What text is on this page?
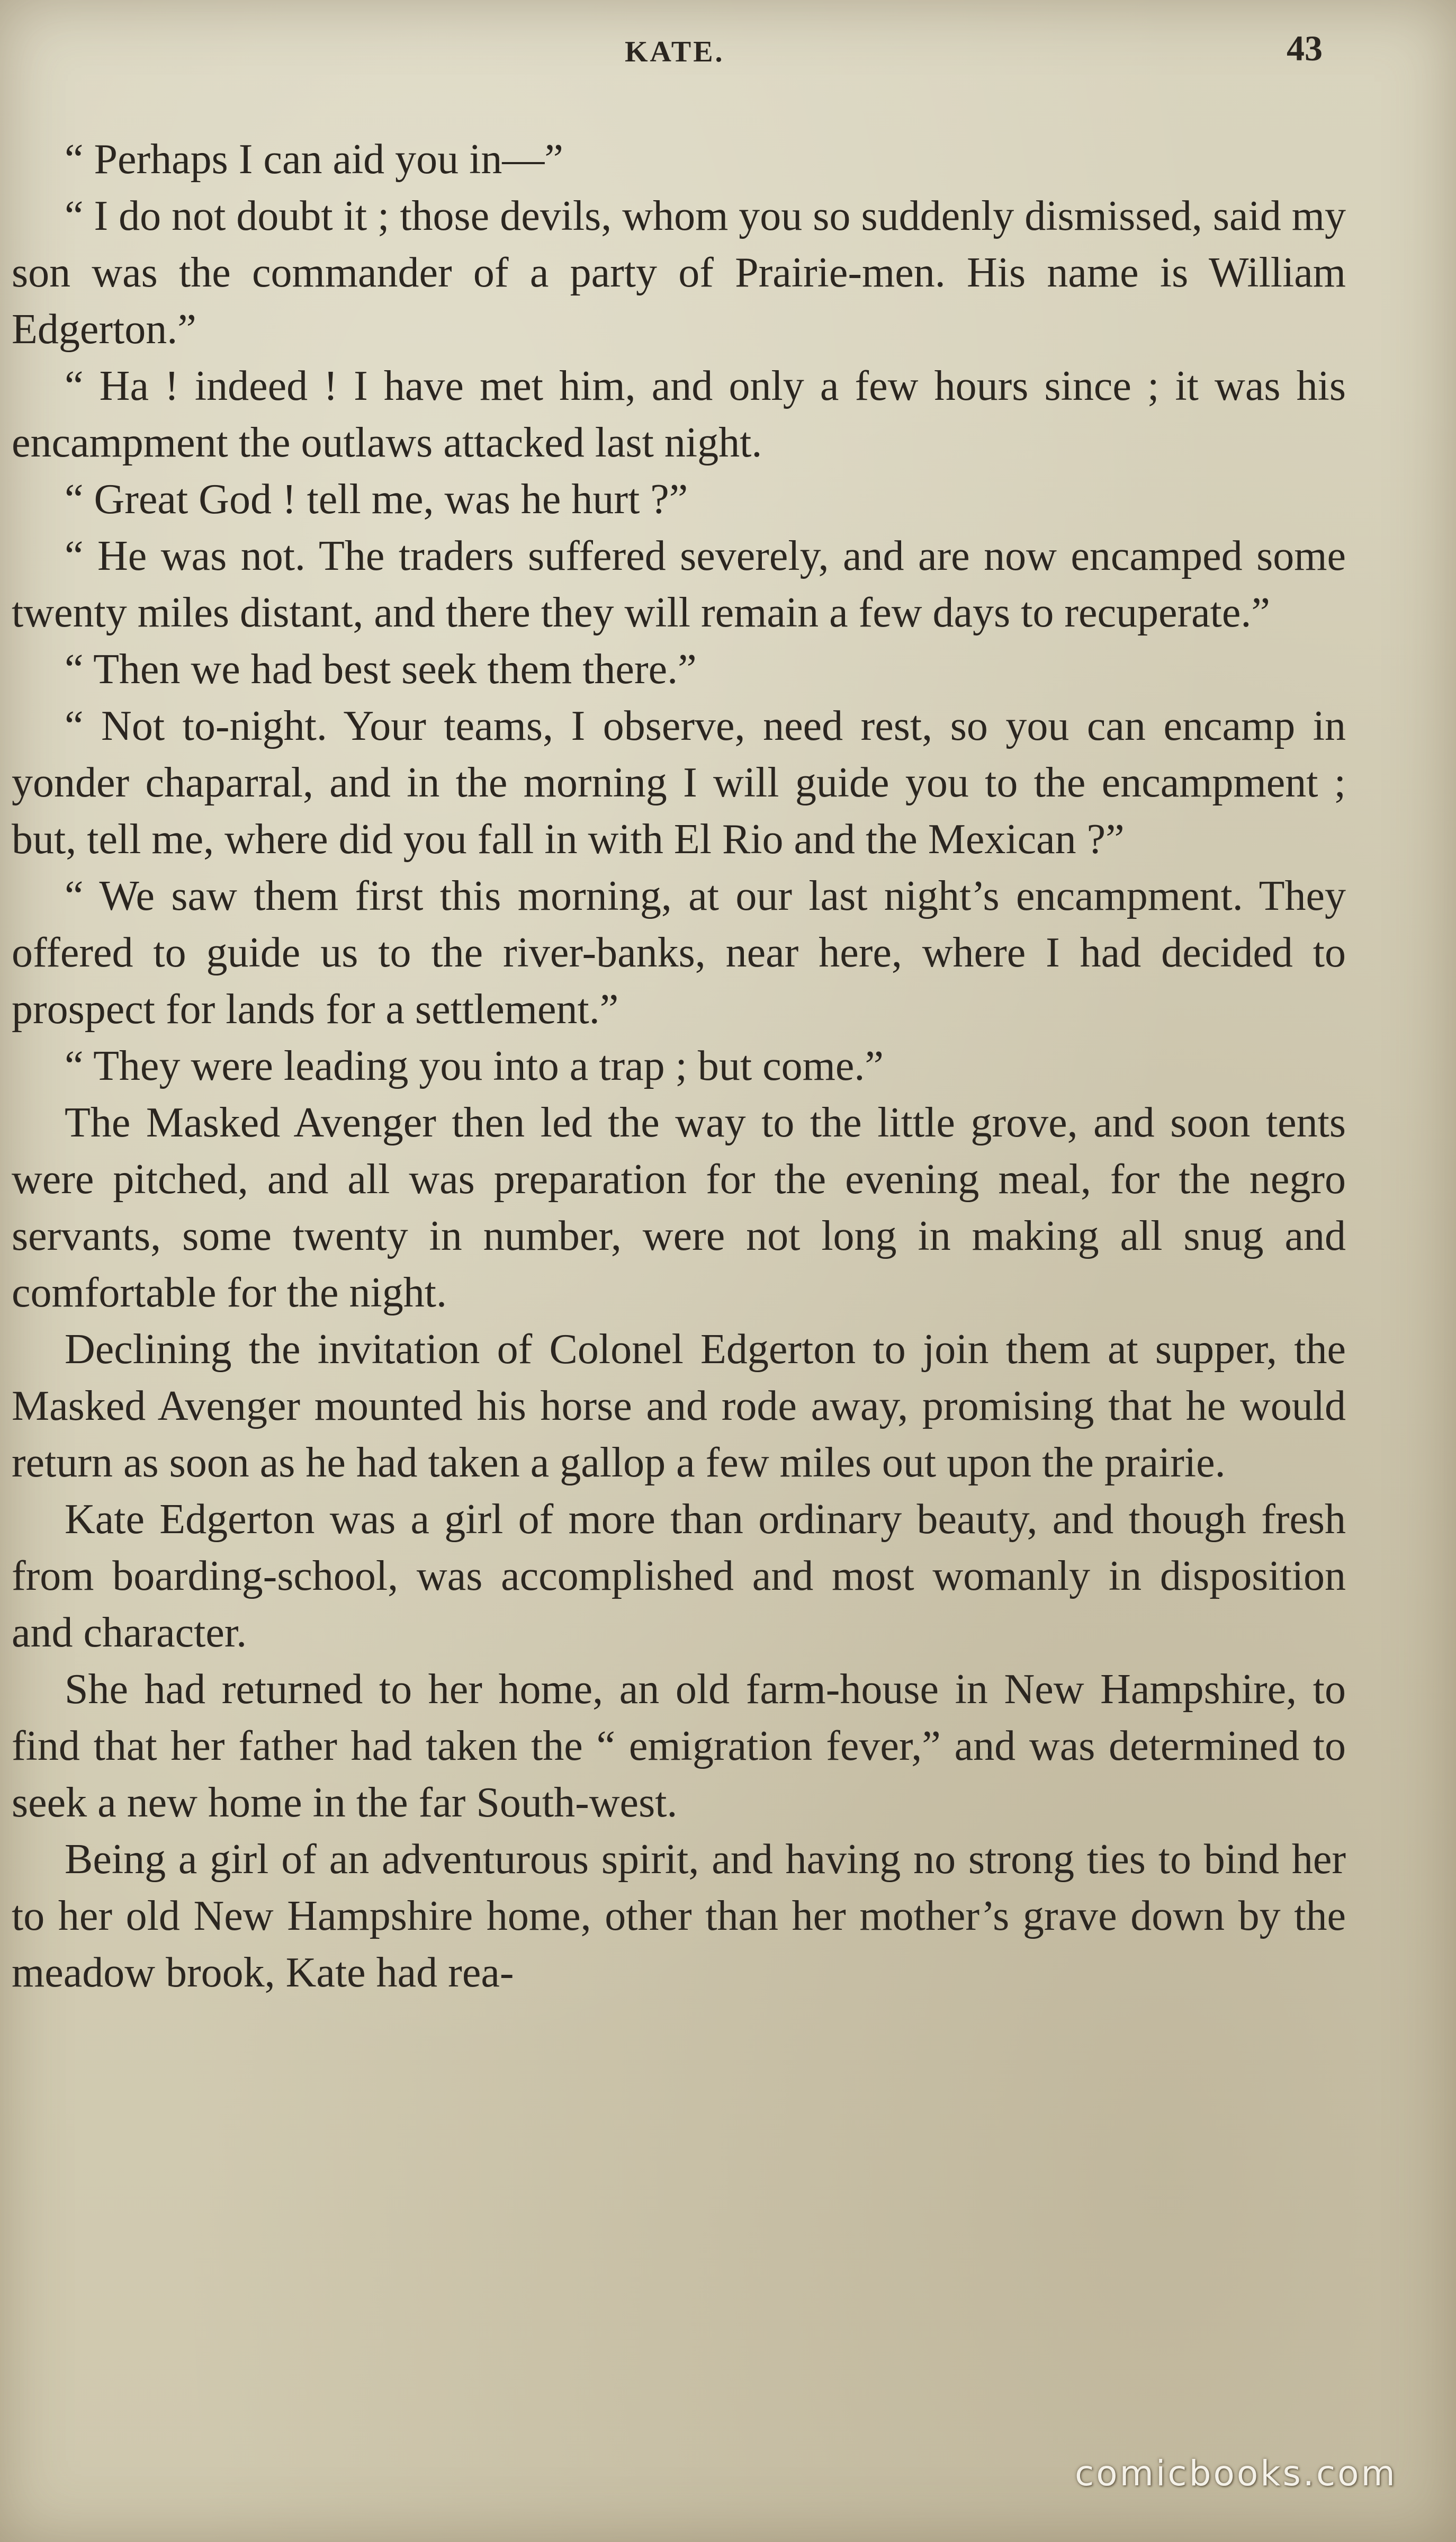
KATE.	43

“ Perhaps I can aid you in—”

“ I do not doubt it ; those devils, whom you so suddenly dismissed, said my son was the commander of a party of Prairie-men. His name is William Edgerton.”

“ Ha ! indeed ! I have met him, and only a few hours since ; it was his encampment the outlaws attacked last night.

“ Great God ! tell me, was he hurt ?”

“ He was not. The traders suffered severely, and are now encamped some twenty miles distant, and there they will remain a few days to recuperate.”

“ Then we had best seek them there.”

“ Not to-night. Your teams, I observe, need rest, so you can encamp in yonder chaparral, and in the morning I will guide you to the encampment ; but, tell me, where did you fall in with El Rio and the Mexican ?”

“ We saw them first this morning, at our last night’s encampment. They offered to guide us to the river-banks, near here, where I had decided to prospect for lands for a settlement.”

“ They were leading you into a trap ; but come.”

The Masked Avenger then led the way to the little grove, and soon tents were pitched, and all was preparation for the evening meal, for the negro servants, some twenty in number, were not long in making all snug and comfortable for the night.

Declining the invitation of Colonel Edgerton to join them at supper, the Masked Avenger mounted his horse and rode away, promising that he would return as soon as he had taken a gallop a few miles out upon the prairie.

Kate Edgerton was a girl of more than ordinary beauty, and though fresh from boarding-school, was accomplished and most womanly in disposition and character.

She had returned to her home, an old farm-house in New Hampshire, to find that her father had taken the “ emigration fever,” and was determined to seek a new home in the far South-west.

Being a girl of an adventurous spirit, and having no strong ties to bind her to her old New Hampshire home, other than her mother’s grave down by the meadow brook, Kate had rea-

comicbooks.com
